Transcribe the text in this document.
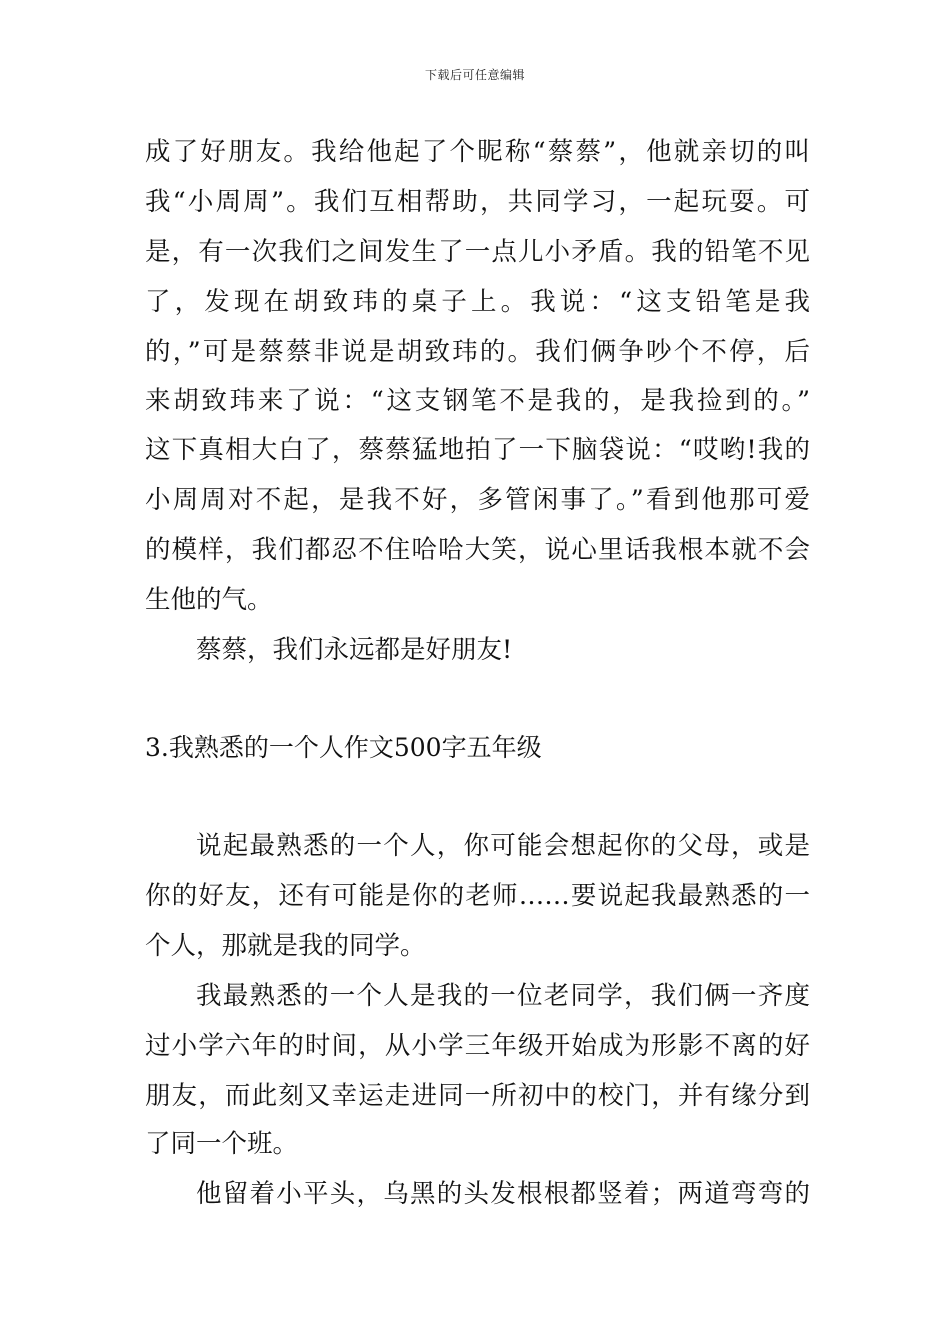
下载后可任意编辑
成了好朋友。我给他起了个昵称“蔡蔡”，他就亲切的叫
我“小周周”。我们互相帮助，共同学习，一起玩耍。可
是，有一次我们之间发生了一点儿小矛盾。我的铅笔不见
了，发现在胡致玮的桌子上。我说：“这支铅笔是我
的，”可是蔡蔡非说是胡致玮的。我们俩争吵个不停，后
来胡致玮来了说：“这支钢笔不是我的，是我捡到的。”
这下真相大白了，蔡蔡猛地拍了一下脑袋说：“哎哟!我的
小周周对不起，是我不好，多管闲事了。”看到他那可爱
的模样，我们都忍不住哈哈大笑，说心里话我根本就不会
生他的气。
蔡蔡，我们永远都是好朋友!
3.我熟悉的一个人作文500字五年级
说起最熟悉的一个人，你可能会想起你的父母，或是
你的好友，还有可能是你的老师……要说起我最熟悉的一
个人，那就是我的同学。
我最熟悉的一个人是我的一位老同学，我们俩一齐度
过小学六年的时间，从小学三年级开始成为形影不离的好
朋友，而此刻又幸运走进同一所初中的校门，并有缘分到
了同一个班。
他留着小平头，乌黑的头发根根都竖着；两道弯弯的
